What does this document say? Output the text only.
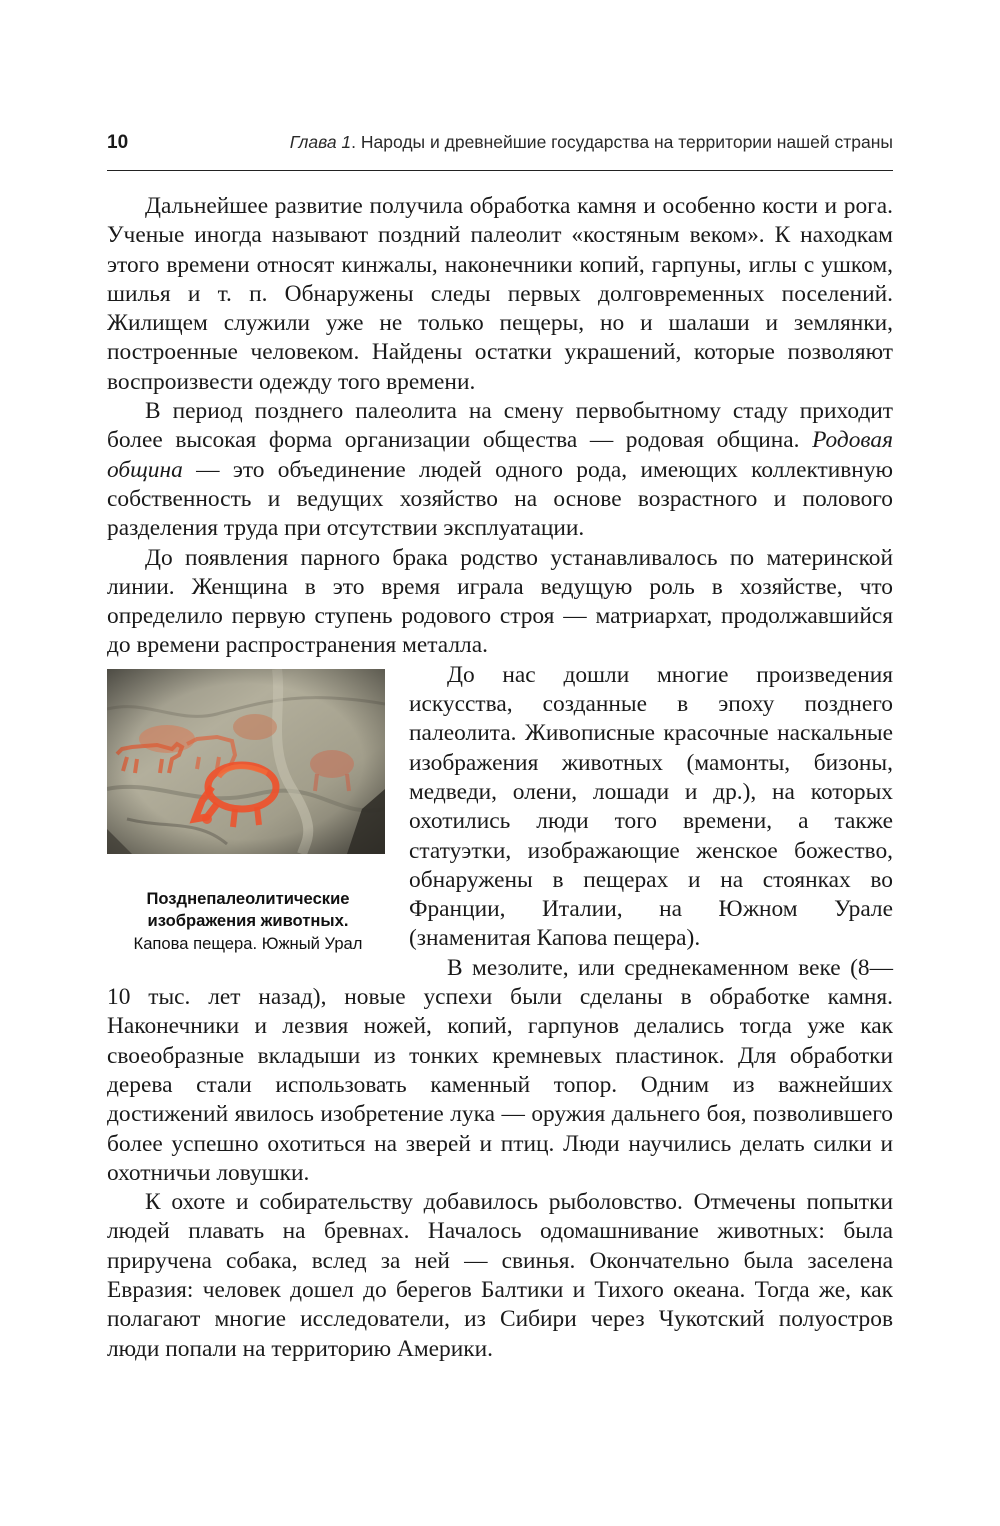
10	Глава 1. Народы и древнейшие государства на территории нашей страны

Дальнейшее развитие получила обработка камня и особенно кости и рога. Ученые иногда называют поздний палеолит «костяным веком». К находкам этого времени относят кинжалы, наконечники копий, гарпуны, иглы с ушком, шилья и т. п. Обнаружены следы первых долговременных поселений. Жилищем служили уже не только пещеры, но и шалаши и землянки, построенные человеком. Найдены остатки украшений, которые позволяют воспроизвести одежду того времени.

В период позднего палеолита на смену первобытному стаду приходит более высокая форма организации общества — родовая община. Родовая община — это объединение людей одного рода, имеющих коллективную собственность и ведущих хозяйство на основе возрастного и полового разделения труда при отсутствии эксплуатации.

До появления парного брака родство устанавливалось по материнской линии. Женщина в это время играла ведущую роль в хозяйстве, что определило первую ступень родового строя — матриархат, продолжавшийся до времени распространения металла.

Позднепалеолитические
изображения животных.
Капова пещера. Южный Урал

До нас дошли многие произведения искусства, созданные в эпоху позднего палеолита. Живописные красочные наскальные изображения животных (мамонты, бизоны, медведи, олени, лошади и др.), на которых охотились люди того времени, а также статуэтки, изображающие женское божество, обнаружены в пещерах и на стоянках во Франции, Италии, на Южном Урале (знаменитая Капова пещера).

В мезолите, или среднекаменном веке (8—10 тыс. лет назад), новые успехи были сделаны в обработке камня. Наконечники и лезвия ножей, копий, гарпунов делались тогда уже как своеобразные вкладыши из тонких кремневых пластинок. Для обработки дерева стали использовать каменный топор. Одним из важнейших достижений явилось изобретение лука — оружия дальнего боя, позволившего более успешно охотиться на зверей и птиц. Люди научились делать силки и охотничьи ловушки.

К охоте и собирательству добавилось рыболовство. Отмечены попытки людей плавать на бревнах. Началось одомашнивание животных: была приручена собака, вслед за ней — свинья. Окончательно была заселена Евразия: человек дошел до берегов Балтики и Тихого океана. Тогда же, как полагают многие исследователи, из Сибири через Чукотский полуостров люди попали на территорию Америки.
